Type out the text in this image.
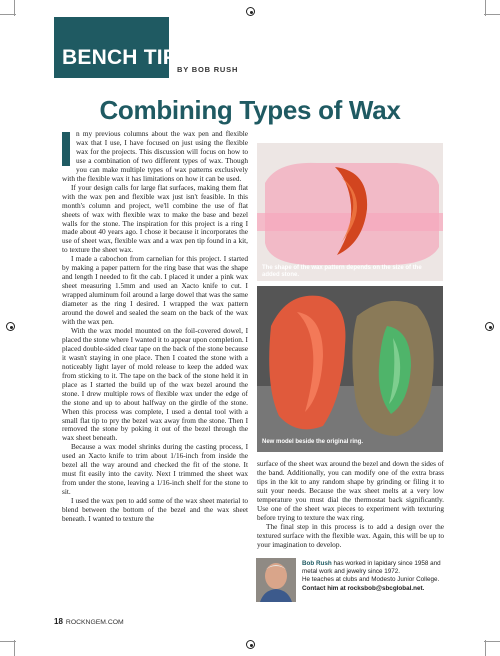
BENCH TIPS
BY BOB RUSH
Combining Types of Wax

n my previous columns about the wax pen and flexible wax that I use, I have focused on just using the flexible wax for the projects. This discussion will focus on how to use a combination of two different types of wax. Though you can make multiple types of wax patterns exclusively with the flexible wax it has limitations on how it can be used.

If your design calls for large flat surfaces, making them flat with the wax pen and flexible wax just isn't feasible. In this month's column and project, we'll combine the use of flat sheets of wax with flexible wax to make the base and bezel walls for the stone. The inspiration for this project is a ring I made about 40 years ago. I chose it because it incorporates the use of sheet wax, flexible wax and a wax pen tip found in a kit, to texture the sheet wax.

I made a cabochon from carnelian for this project. I started by making a paper pattern for the ring base that was the shape and length I needed to fit the cab. I placed it under a pink wax sheet measuring 1.5mm and used an Xacto knife to cut. I wrapped aluminum foil around a large dowel that was the same diameter as the ring I desired. I wrapped the wax pattern around the dowel and sealed the seam on the back of the wax with the wax pen.

With the wax model mounted on the foil-covered dowel, I placed the stone where I wanted it to appear upon completion. I placed double-sided clear tape on the back of the stone because it wasn't staying in one place. Then I coated the stone with a noticeably light layer of mold release to keep the added wax from sticking to it. The tape on the back of the stone held it in place as I started the build up of the wax bezel around the stone. I drew multiple rows of flexible wax under the edge of the stone and up to about halfway on the girdle of the stone. When this process was complete, I used a dental tool with a small flat tip to pry the bezel wax away from the stone. Then I removed the stone by poking it out of the bezel through the wax sheet beneath.

Because a wax model shrinks during the casting process, I used an Xacto knife to trim about 1/16-inch from inside the bezel all the way around and checked the fit of the stone. It must fit easily into the cavity. Next I trimmed the sheet wax from under the stone, leaving a 1/16-inch shelf for the stone to sit.

I used the wax pen to add some of the wax sheet material to blend between the bottom of the bezel and the wax sheet beneath. I wanted to texture the

The shape of the wax pattern depends on the size of the added stone.
New model beside the original ring.

surface of the sheet wax around the bezel and down the sides of the band. Additionally, you can modify one of the extra brass tips in the kit to any random shape by grinding or filing it to suit your needs. Because the wax sheet melts at a very low temperature you must dial the thermostat back significantly. Use one of the sheet wax pieces to experiment with texturing before trying to texture the wax ring.

The final step in this process is to add a design over the textured surface with the flexible wax. Again, this will be up to your imagination to develop.

Bob Rush has worked in lapidary since 1958 and metal work and jewelry since 1972.
He teaches at clubs and Modesto Junior College.
Contact him at rocksbob@sbcglobal.net.
18 ROCKNGEM.COM
